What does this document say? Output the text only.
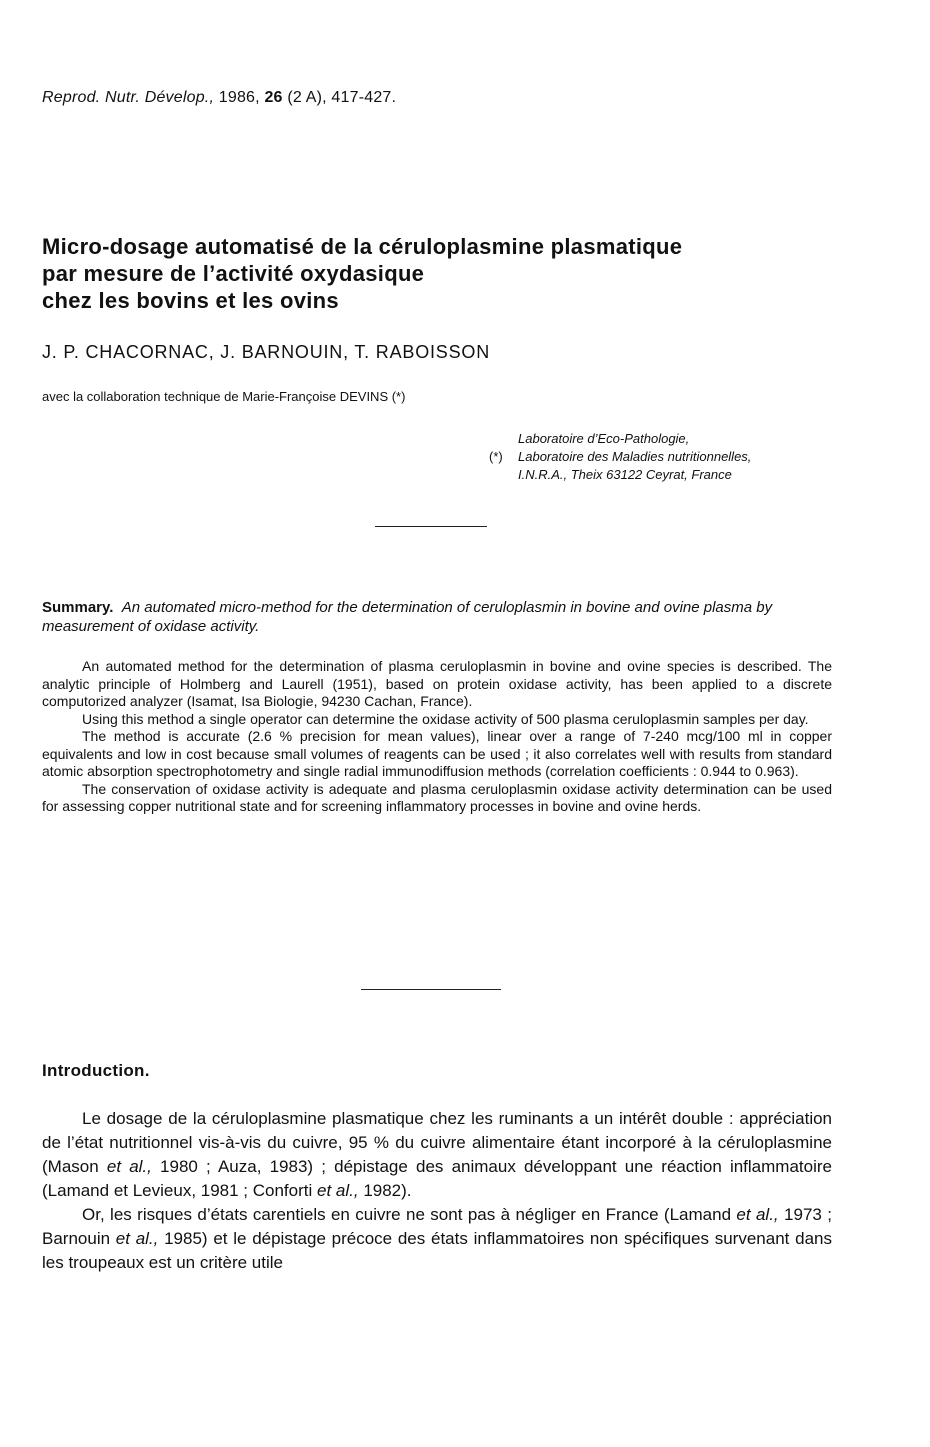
Reprod. Nutr. Dévelop., 1986, 26 (2 A), 417-427.
Micro-dosage automatisé de la céruloplasmine plasmatique
par mesure de l’activité oxydasique
chez les bovins et les ovins
J. P. CHACORNAC, J. BARNOUIN, T. RABOISSON
avec la collaboration technique de Marie-Françoise DEVINS (*)
Laboratoire d’Eco-Pathologie,
(*) Laboratoire des Maladies nutritionnelles,
I.N.R.A., Theix 63122 Ceyrat, France
Summary. An automated micro-method for the determination of ceruloplasmin in bovine and ovine plasma by measurement of oxidase activity.

An automated method for the determination of plasma ceruloplasmin in bovine and ovine species is described. The analytic principle of Holmberg and Laurell (1951), based on protein oxidase activity, has been applied to a discrete computorized analyzer (Isamat, Isa Biologie, 94230 Cachan, France).

Using this method a single operator can determine the oxidase activity of 500 plasma ceruloplasmin samples per day.

The method is accurate (2.6 % precision for mean values), linear over a range of 7-240 mcg/100 ml in copper equivalents and low in cost because small volumes of reagents can be used ; it also correlates well with results from standard atomic absorption spectrophotometry and single radial immunodiffusion methods (correlation coefficients : 0.944 to 0.963).

The conservation of oxidase activity is adequate and plasma ceruloplasmin oxidase activity determination can be used for assessing copper nutritional state and for screening inflammatory processes in bovine and ovine herds.

Introduction.

Le dosage de la céruloplasmine plasmatique chez les ruminants a un intérêt double : appréciation de l’état nutritionnel vis-à-vis du cuivre, 95 % du cuivre alimentaire étant incorporé à la céruloplasmine (Mason et al., 1980 ; Auza, 1983) ; dépistage des animaux développant une réaction inflammatoire (Lamand et Levieux, 1981 ; Conforti et al., 1982).

Or, les risques d’états carentiels en cuivre ne sont pas à négliger en France (Lamand et al., 1973 ; Barnouin et al., 1985) et le dépistage précoce des états inflammatoires non spécifiques survenant dans les troupeaux est un critère utile
